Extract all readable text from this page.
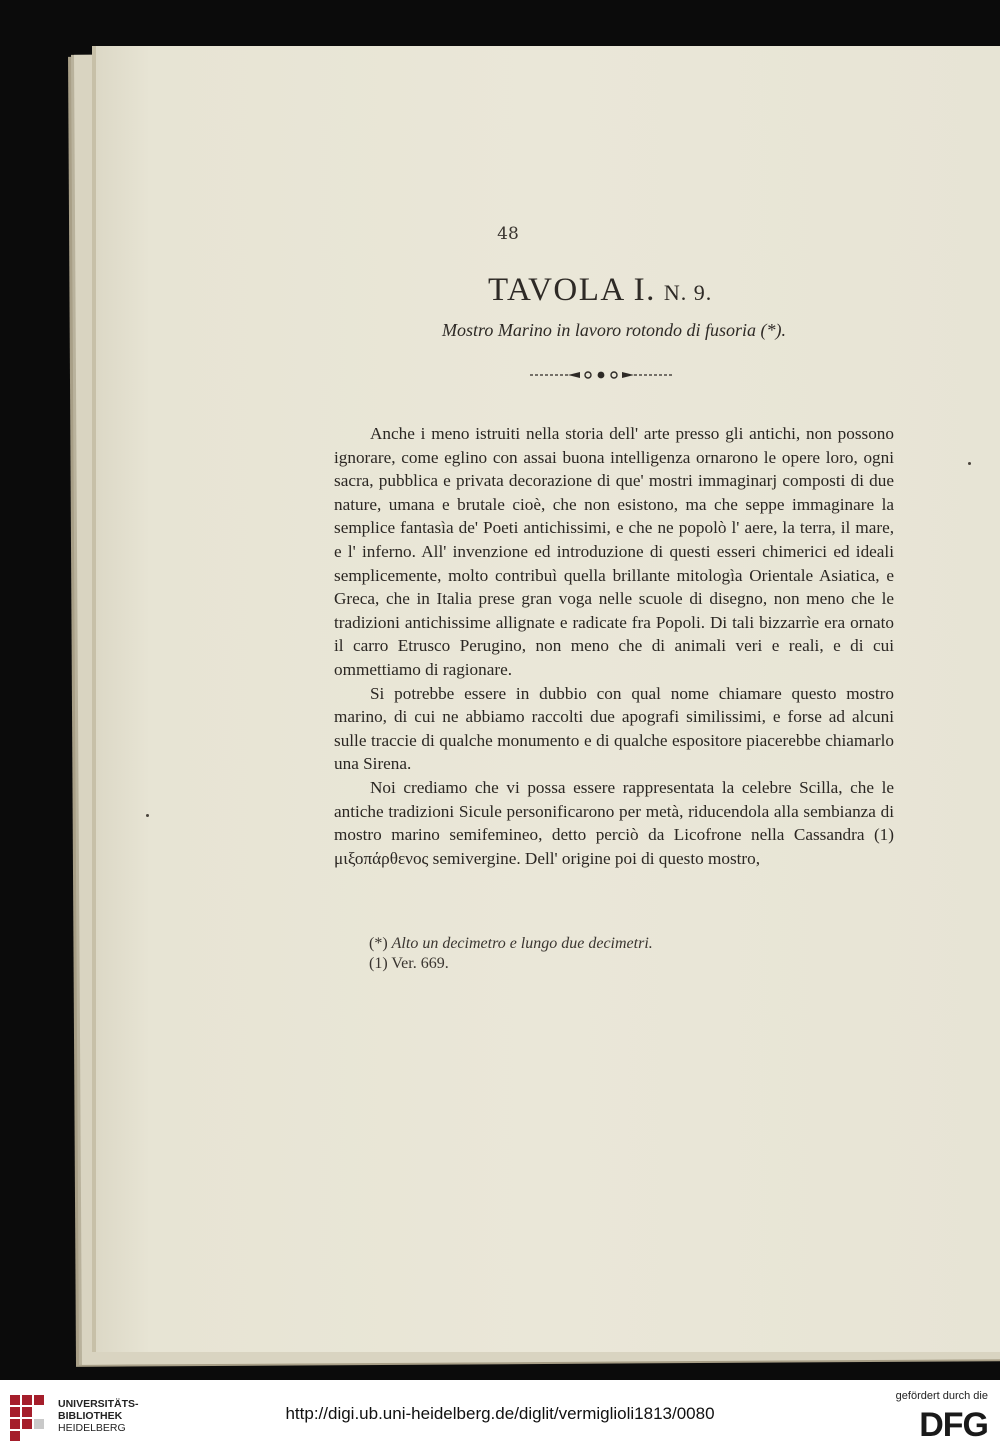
48
TAVOLA I. N. 9.
Mostro Marino in lavoro rotondo di fusoria (*).

Anche i meno istruiti nella storia dell' arte presso gli antichi, non possono ignorare, come eglino con assai buona intelligenza ornarono le opere loro, ogni sacra, pubblica e privata decorazione di que' mostri immaginarj composti di due nature, umana e brutale cioè, che non esistono, ma che seppe immaginare la semplice fantasìa de' Poeti antichissimi, e che ne popolò l' aere, la terra, il mare, e l' inferno. All' invenzione ed introduzione di questi esseri chimerici ed ideali semplicemente, molto contribuì quella brillante mitologìa Orientale Asiatica, e Greca, che in Italia prese gran voga nelle scuole di disegno, non meno che le tradizioni antichissime allignate e radicate fra Popoli. Di tali bizzarrìe era ornato il carro Etrusco Perugino, non meno che di animali veri e reali, e di cui ommettiamo di ragionare.

Si potrebbe essere in dubbio con qual nome chiamare questo mostro marino, di cui ne abbiamo raccolti due apografi similissimi, e forse ad alcuni sulle traccie di qualche monumento e di qualche espositore piacerebbe chiamarlo una Sirena.

Noi crediamo che vi possa essere rappresentata la celebre Scilla, che le antiche tradizioni Sicule personificarono per metà, riducendola alla sembianza di mostro marino semifemineo, detto perciò da Licofrone nella Cassandra (1) μιξοπάρθενος semivergine. Dell' origine poi di questo mostro,

(*) Alto un decimetro e lungo due decimetri.
(1) Ver. 669.
UNIVERSITÄTS-
BIBLIOTHEK
HEIDELBERG
http://digi.ub.uni-heidelberg.de/diglit/vermiglioli1813/0080
gefördert durch die
DFG
